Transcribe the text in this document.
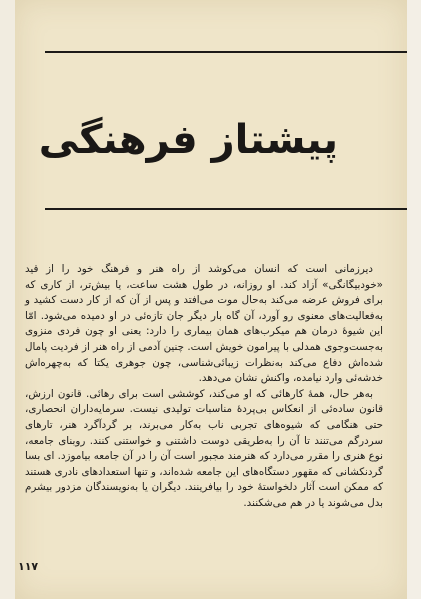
پیشتاز فرهنگی

دیرزمانی است که انسان می‌کوشد از راه هنر و فرهنگ خود را از قید «خودبیگانگی» آزاد کند. او روزانه، در طول هشت ساعت، یا بیش‌تر، از کاری که برای فروش عرضه می‌کند به‌حال موت می‌افتد و پس از آن که از کار دست کشید و به‌فعالیت‌های معنوی رو آورد، آن گاه بار دیگر جان تازه‌ئی در او دمیده می‌شود. امّا این شیوهٔ درمان هم میکرب‌های همان بیماری را دارد: یعنی او چون فردی منزوی به‌جست‌وجوی همدلی با پیرامون خویش است. چنین آدمی از راه هنر از فردیت پامال شده‌اش دفاع می‌کند به‌نظرات زیبائی‌شناسی، چون جوهری یکتا که به‌چهره‌اش خدشه‌ئی وارد نیامده، واکنش نشان می‌دهد.

به‌هر حال، همهٔ کارهائی که او می‌کند، کوششی است برای رهائی. قانون ارزش، قانون ساده‌ئی از انعکاس بی‌پردهٔ مناسبات تولیدی نیست. سرمایه‌داران انحصاری، حتی هنگامی که شیوه‌های تجربی ناب به‌کار می‌برند، بر گردآگرد هنر، تارهای سردرگم می‌تنند تا آن را به‌طریقی دوست داشتنی و خواستنی کنند. روبنای جامعه، نوع هنری را مقرر می‌دارد که هنرمند مجبور است آن را در آن جامعه بیاموزد. ای بسا گردنکشانی که مقهور دستگاه‌های این جامعه شده‌اند، و تنها استعدادهای نادری هستند که ممکن است آثار دلخواستهٔ خود را بیافرینند. دیگران یا به‌نویسندگان مزدور بیشرم بدل می‌شوند یا در هم می‌شکنند.

۱۱۷
